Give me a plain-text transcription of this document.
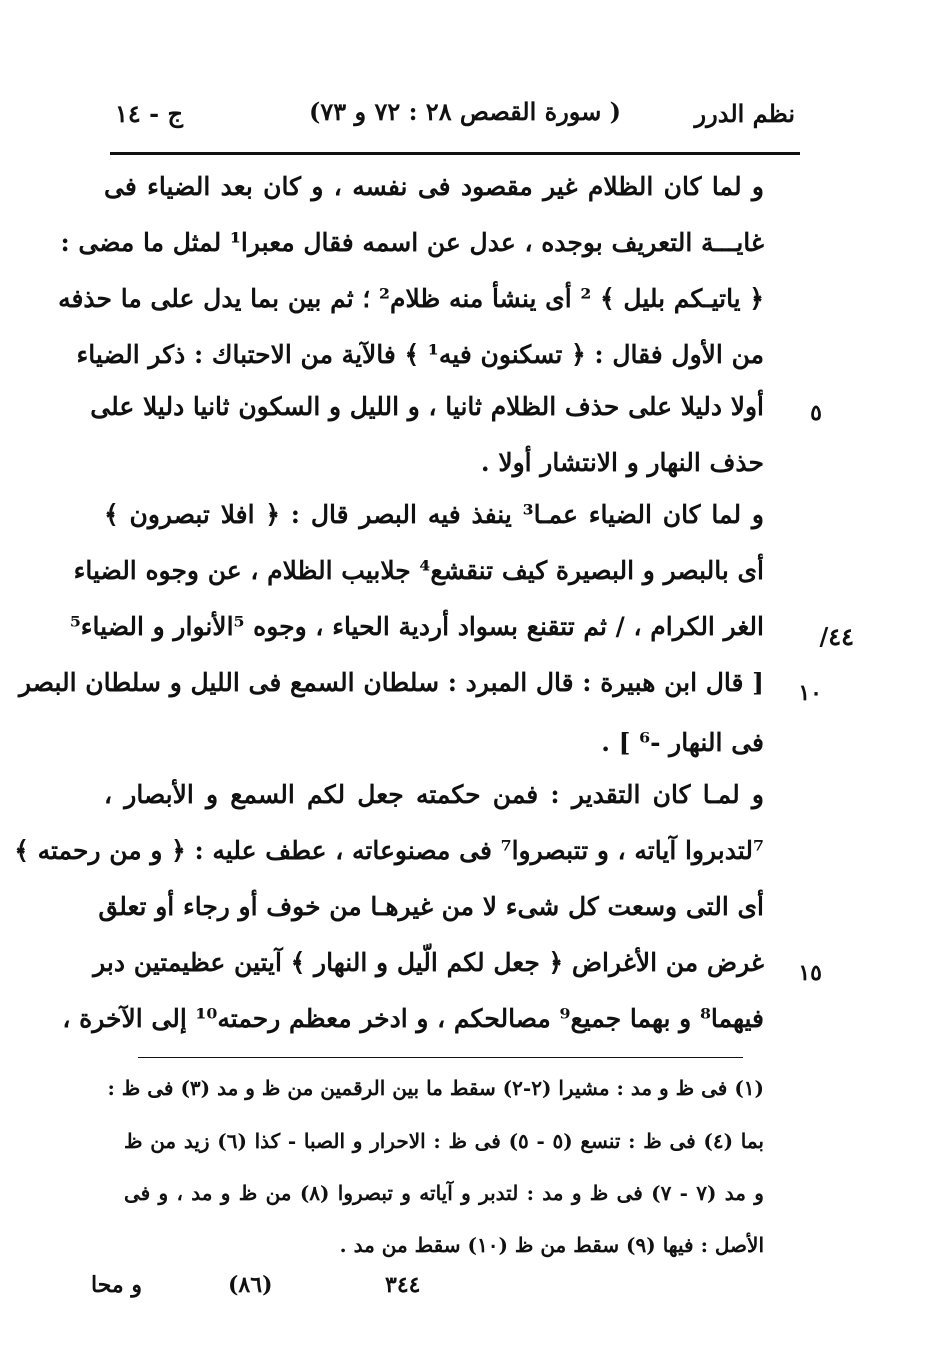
نظم الدرر
( سورة القصص ٢٨ : ٧٢ و ٧٣)
ج - ١٤
و لما كان الظلام غير مقصود فى نفسه ، و كان بعد الضياء فى
غايـــة التعريف بوجده ، عدل عن اسمه فقال معبرا¹ لمثل ما مضى :
﴿ ياتيـكم بليل ﴾ ² أى ينشأ منه ظلام² ؛ ثم بين بما يدل على ما حذفه
من الأول فقال : ﴿ تسكنون فيه¹ ﴾ فالآية من الاحتباك : ذكر الضياء
أولا دليلا على حذف الظلام ثانيا ، و الليل و السكون ثانيا دليلا على
حذف النهار و الانتشار أولا .
و لما كان الضياء عمـا³ ينفذ فيه البصر قال : ﴿ افلا تبصرون ﴾
أى بالبصر و البصيرة كيف تنقشع⁴ جلابيب الظلام ، عن وجوه الضياء
الغر الكرام ، / ثم تتقنع بسواد أردية الحياء ، وجوه ⁵الأنوار و الضياء⁵
[ قال ابن هبيرة : قال المبرد : سلطان السمع فى الليل و سلطان البصر
فى النهار -⁶ ] .
و لمـا كان التقدير : فمن حكمته جعل لكم السمع و الأبصار ،
⁷لتدبروا آياته ، و تتبصروا⁷ فى مصنوعاته ، عطف عليه : ﴿ و من رحمته ﴾
أى التى وسعت كل شىء لا من غيرهـا من خوف أو رجاء أو تعلق
غرض من الأغراض ﴿ جعل لكم الّيل و النهار ﴾ آيتين عظيمتين دبر
فيهما⁸ و بهما جميع⁹ مصالحكم ، و ادخر معظم رحمته¹⁰ إلى الآخرة ،
٥
١٠
١٥
٤٤/
(١) فى ظ و مد : مشيرا (٢-٢) سقط ما بين الرقمين من ظ و مد (٣) فى ظ :
بما (٤) فى ظ : تنسع (٥ - ٥) فى ظ : الاحرار و الصبا - كذا (٦) زيد من ظ
و مد (٧ - ٧) فى ظ و مد : لتدبر و آياته و تبصروا (٨) من ظ و مد ، و فى
الأصل : فيها (٩) سقط من ظ (١٠) سقط من مد .
و محا	٣٤٤
(٨٦)
